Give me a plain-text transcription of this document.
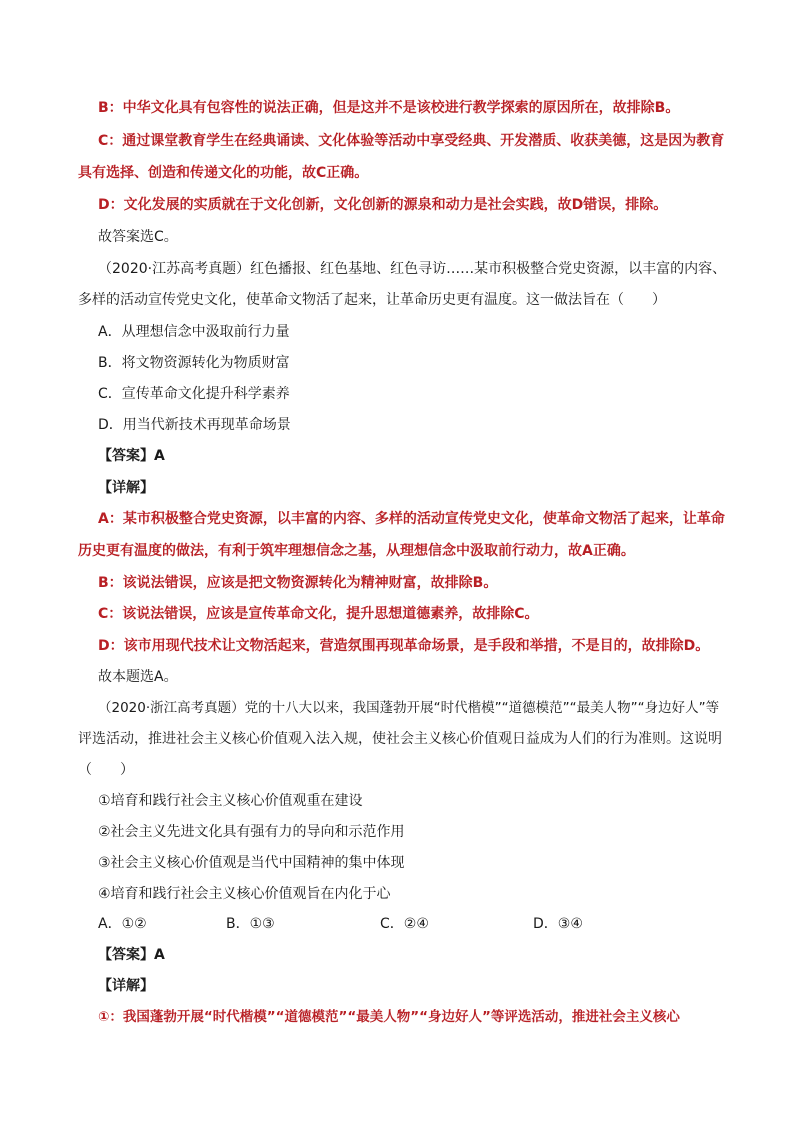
B：中华文化具有包容性的说法正确，但是这并不是该校进行教学探索的原因所在，故排除B。
C：通过课堂教育学生在经典诵读、文化体验等活动中享受经典、开发潜质、收获美德，这是因为教育
具有选择、创造和传递文化的功能，故C正确。
D：文化发展的实质就在于文化创新，文化创新的源泉和动力是社会实践，故D错误，排除。
故答案选C。
（2020·江苏高考真题）红色播报、红色基地、红色寻访……某市积极整合党史资源，以丰富的内容、
多样的活动宣传党史文化，使革命文物活了起来，让革命历史更有温度。这一做法旨在（　　）
A．从理想信念中汲取前行力量
B．将文物资源转化为物质财富
C．宣传革命文化提升科学素养
D．用当代新技术再现革命场景
【答案】A
【详解】
A：某市积极整合党史资源，以丰富的内容、多样的活动宣传党史文化，使革命文物活了起来，让革命
历史更有温度的做法，有利于筑牢理想信念之基，从理想信念中汲取前行动力，故A正确。
B：该说法错误，应该是把文物资源转化为精神财富，故排除B。
C：该说法错误，应该是宣传革命文化，提升思想道德素养，故排除C。
D：该市用现代技术让文物活起来，营造氛围再现革命场景，是手段和举措，不是目的，故排除D。
故本题选A。
（2020·浙江高考真题）党的十八大以来，我国蓬勃开展“时代楷模”“道德模范”“最美人物”“身边好人”等
评选活动，推进社会主义核心价值观入法入规，使社会主义核心价值观日益成为人们的行为准则。这说明
（　　）
①培育和践行社会主义核心价值观重在建设
②社会主义先进文化具有强有力的导向和示范作用
③社会主义核心价值观是当代中国精神的集中体现
④培育和践行社会主义核心价值观旨在内化于心
A．①②	B．①③	C．②④	D．③④
【答案】A
【详解】
①：我国蓬勃开展“时代楷模”“道德模范”“最美人物”“身边好人”等评选活动，推进社会主义核心
